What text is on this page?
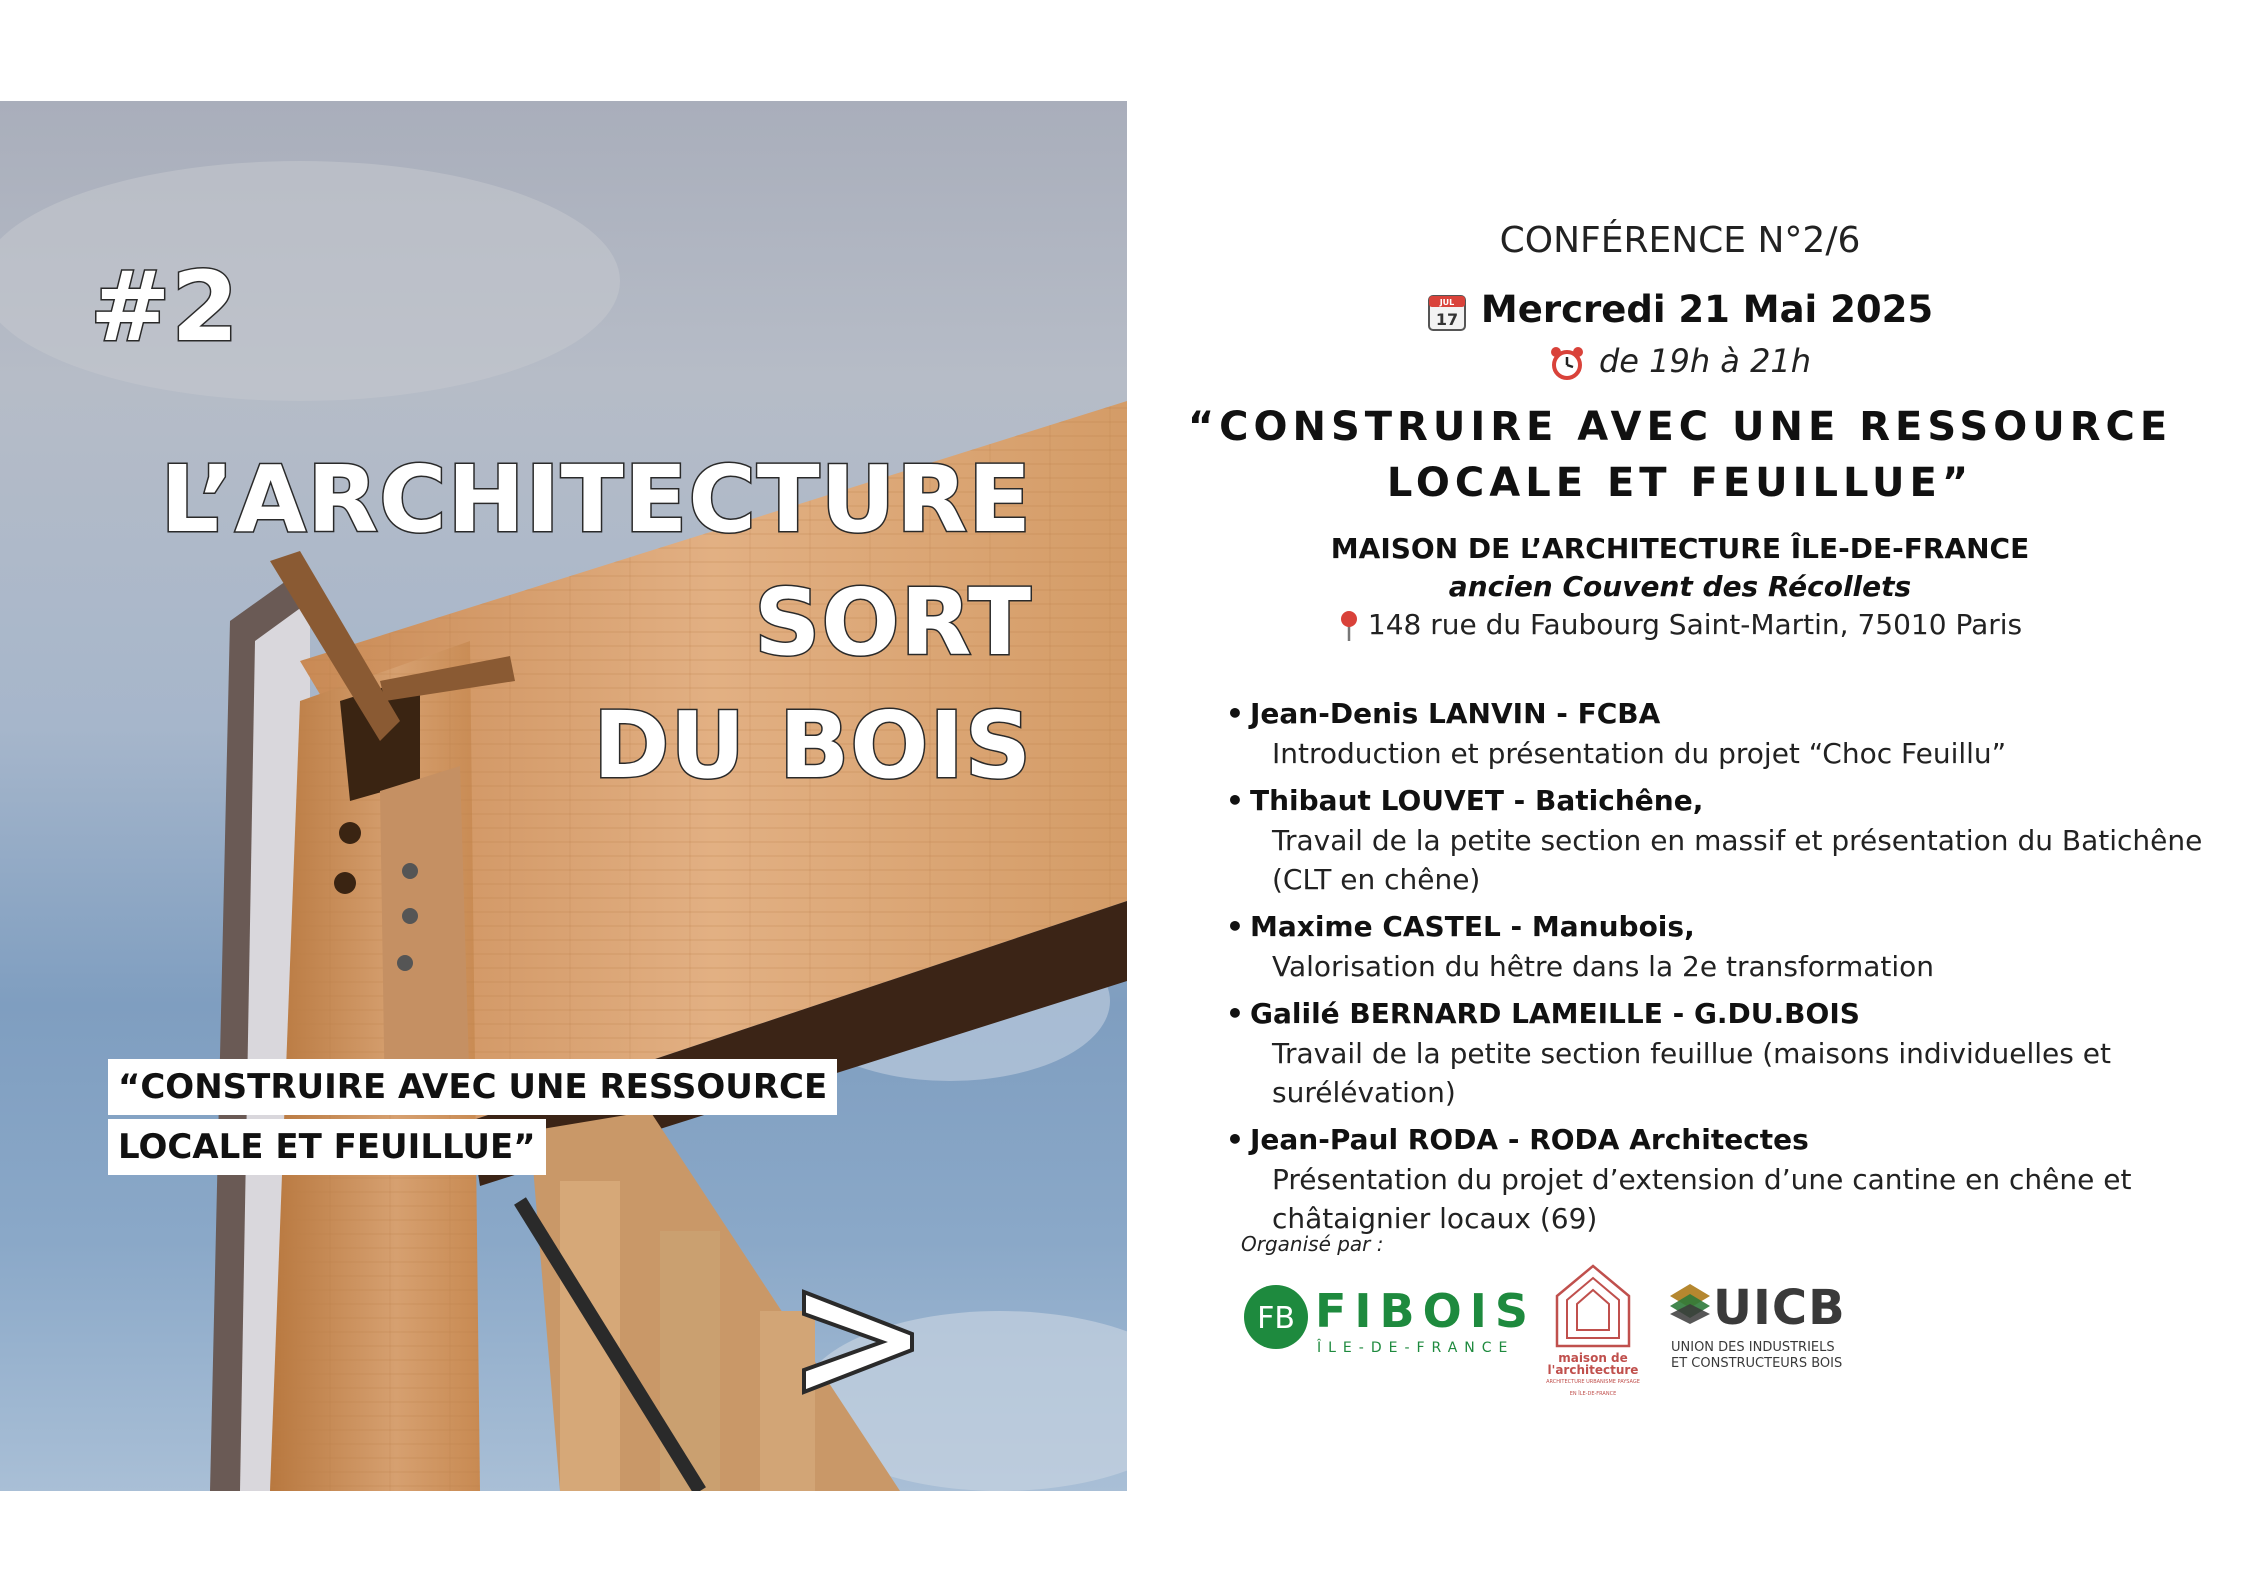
#2
L’ARCHITECTURE
SORT
DU BOIS
“CONSTRUIRE AVEC UNE RESSOURCE
LOCALE ET FEUILLUE”
CONFÉRENCE N°2/6
JUL
17 Mercredi 21 Mai 2025
de 19h à 21h
“CONSTRUIRE AVEC UNE RESSOURCE
LOCALE ET FEUILLUE”
MAISON DE L’ARCHITECTURE ÎLE-DE-FRANCE
ancien Couvent des Récollets
148 rue du Faubourg Saint-Martin, 75010 Paris
• Jean-Denis LANVIN - FCBA
Introduction et présentation du projet “Choc Feuillu”
• Thibaut LOUVET - Batichêne,
Travail de la petite section en massif et présentation du Batichêne
(CLT en chêne)
• Maxime CASTEL - Manubois,
Valorisation du hêtre dans la 2e transformation
• Galilé BERNARD LAMEILLE - G.DU.BOIS
Travail de la petite section feuillue (maisons individuelles et
surélévation)
• Jean-Paul RODA - RODA Architectes
Présentation du projet d’extension d’une cantine en chêne et
châtaignier locaux (69)
Organisé par :
FB FIBOIS
ÎLE-DE-FRANCE
maison de l'architecture
ARCHITECTURE URBANISME PAYSAGE EN ÎLE-DE-FRANCE
UICB
UNION DES INDUSTRIELS
ET CONSTRUCTEURS BOIS
